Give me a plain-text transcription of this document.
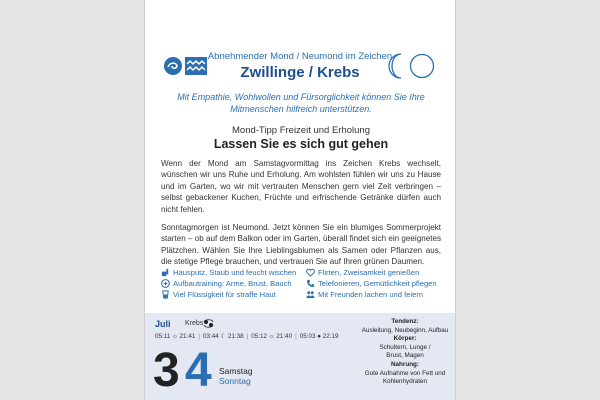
Abnehmender Mond / Neumond im Zeichen
Zwillinge / Krebs
Mit Empathie, Wohlwollen und Fürsorglichkeit können Sie Ihre Mitmenschen hilfreich unterstützen.
Mond-Tipp Freizeit und Erholung
Lassen Sie es sich gut gehen

Wenn der Mond am Samstagvormittag ins Zeichen Krebs wechselt, wünschen wir uns Ruhe und Erholung. Am wohlsten fühlen wir uns zu Hause und im Garten, wo wir mit vertrauten Menschen gern viel Zeit verbringen – selbst gebackener Kuchen, Früchte und erfrischende Getränke dürfen auch nicht fehlen.

Sonntagmorgen ist Neumond. Jetzt können Sie ein blumiges Sommerprojekt starten – ob auf dem Balkon oder im Garten, überall findet sich ein geeignetes Plätzchen. Wählen Sie Ihre Lieblingsblumen als Samen oder Pflanzen aus, die stetige Pflege brauchen, und vertrauen Sie auf Ihren grünen Daumen.

Hausputz, Staub und feucht wischen
Aufbautraining: Arme, Brust, Bauch
Viel Flüssigkeit für straffe Haut
Flirten, Zweisamkeit genießen
Telefonieren, Gemütlichkeit pflegen
Mit Freunden lachen und feiern
Juli Krebs
05:11 ☼ 21:41 | 03:44 ☾ 21:38 | 05:12 ☼ 21:40 | 05:03 ● 22:19
3 4 Samstag
Sonntag
Tendenz:
Ausleitung, Neubeginn, Aufbau
Körper:
Schultern, Lunge /
Brust, Magen
Nahrung:
Gute Aufnahme von Fett und
Kohlenhydraten
